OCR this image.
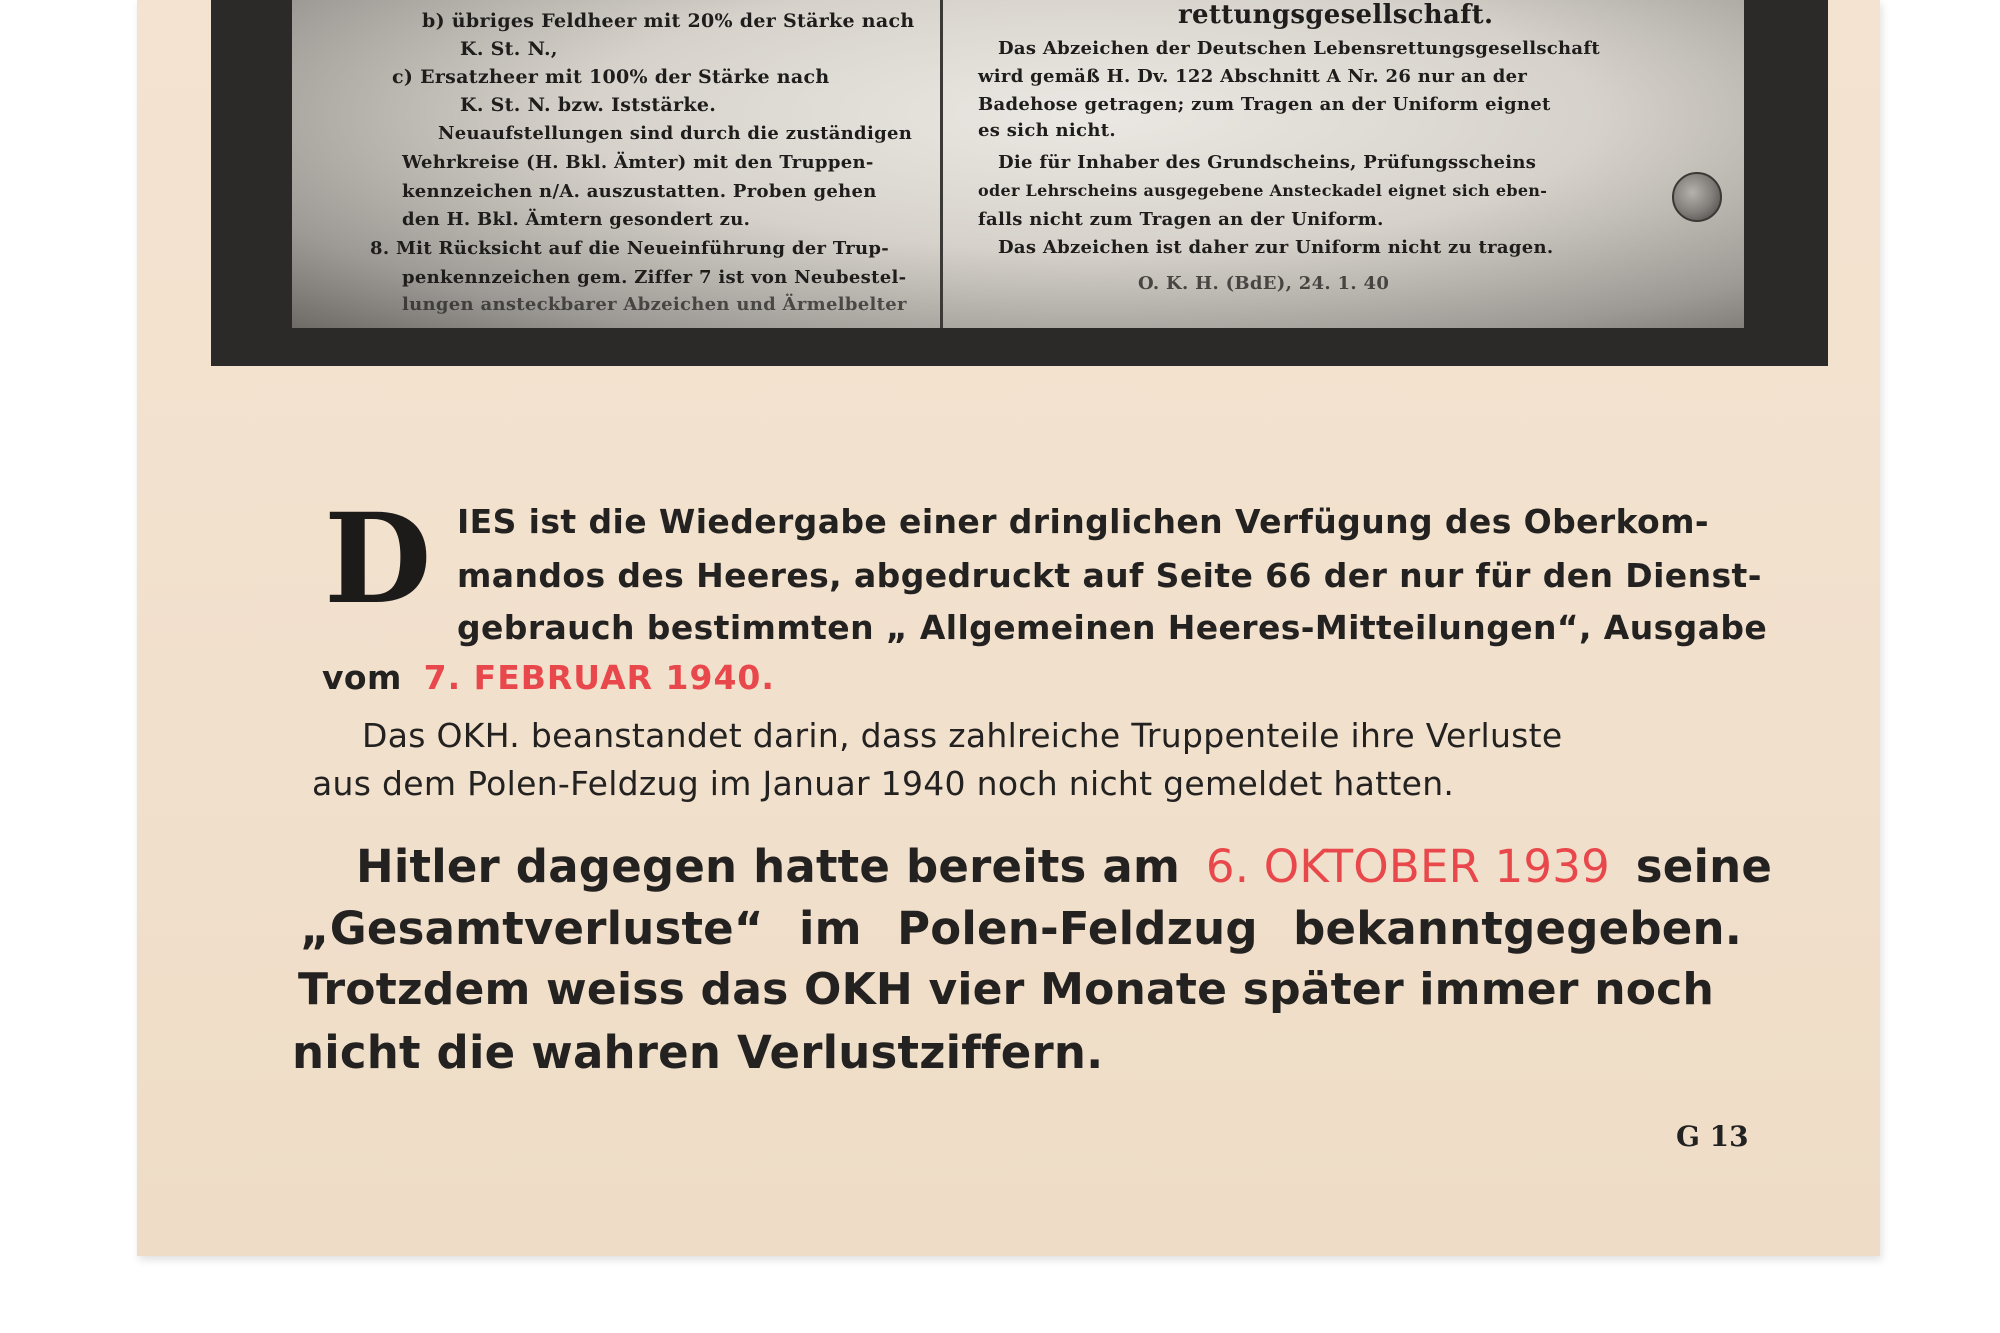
b) übriges Feldheer mit 20% der Stärke nach
K. St. N.,
c) Ersatzheer mit 100% der Stärke nach
K. St. N. bzw. Iststärke.
Neuaufstellungen sind durch die zuständigen
Wehrkreise (H. Bkl. Ämter) mit den Truppen-
kennzeichen n/A. auszustatten. Proben gehen
den H. Bkl. Ämtern gesondert zu.
8. Mit Rücksicht auf die Neueinführung der Trup-
penkennzeichen gem. Ziffer 7 ist von Neubestel-
lungen ansteckbarer Abzeichen und Ärmelbelter
rettungsgesellschaft.
Das Abzeichen der Deutschen Lebensrettungsgesellschaft
wird gemäß H. Dv. 122 Abschnitt A Nr. 26 nur an der
Badehose getragen; zum Tragen an der Uniform eignet
es sich nicht.
Die für Inhaber des Grundscheins, Prüfungsscheins
oder Lehrscheins ausgegebene Ansteckadel eignet sich eben-
falls nicht zum Tragen an der Uniform.
Das Abzeichen ist daher zur Uniform nicht zu tragen.
O. K. H. (BdE), 24. 1. 40
D IES ist die Wiedergabe einer dringlichen Verfügung des Oberkom-
mandos des Heeres, abgedruckt auf Seite 66 der nur für den Dienst-
gebrauch bestimmten „ Allgemeinen Heeres-Mitteilungen“, Ausgabe
vom 7. FEBRUAR 1940.
Das OKH. beanstandet darin, dass zahlreiche Truppenteile ihre Verluste
aus dem Polen-Feldzug im Januar 1940 noch nicht gemeldet hatten.
Hitler dagegen hatte bereits am 6. OKTOBER 1939 seine
„Gesamtverluste“ im Polen-Feldzug bekanntgegeben.
Trotzdem weiss das OKH vier Monate später immer noch
nicht die wahren Verlustziffern.
G 13
